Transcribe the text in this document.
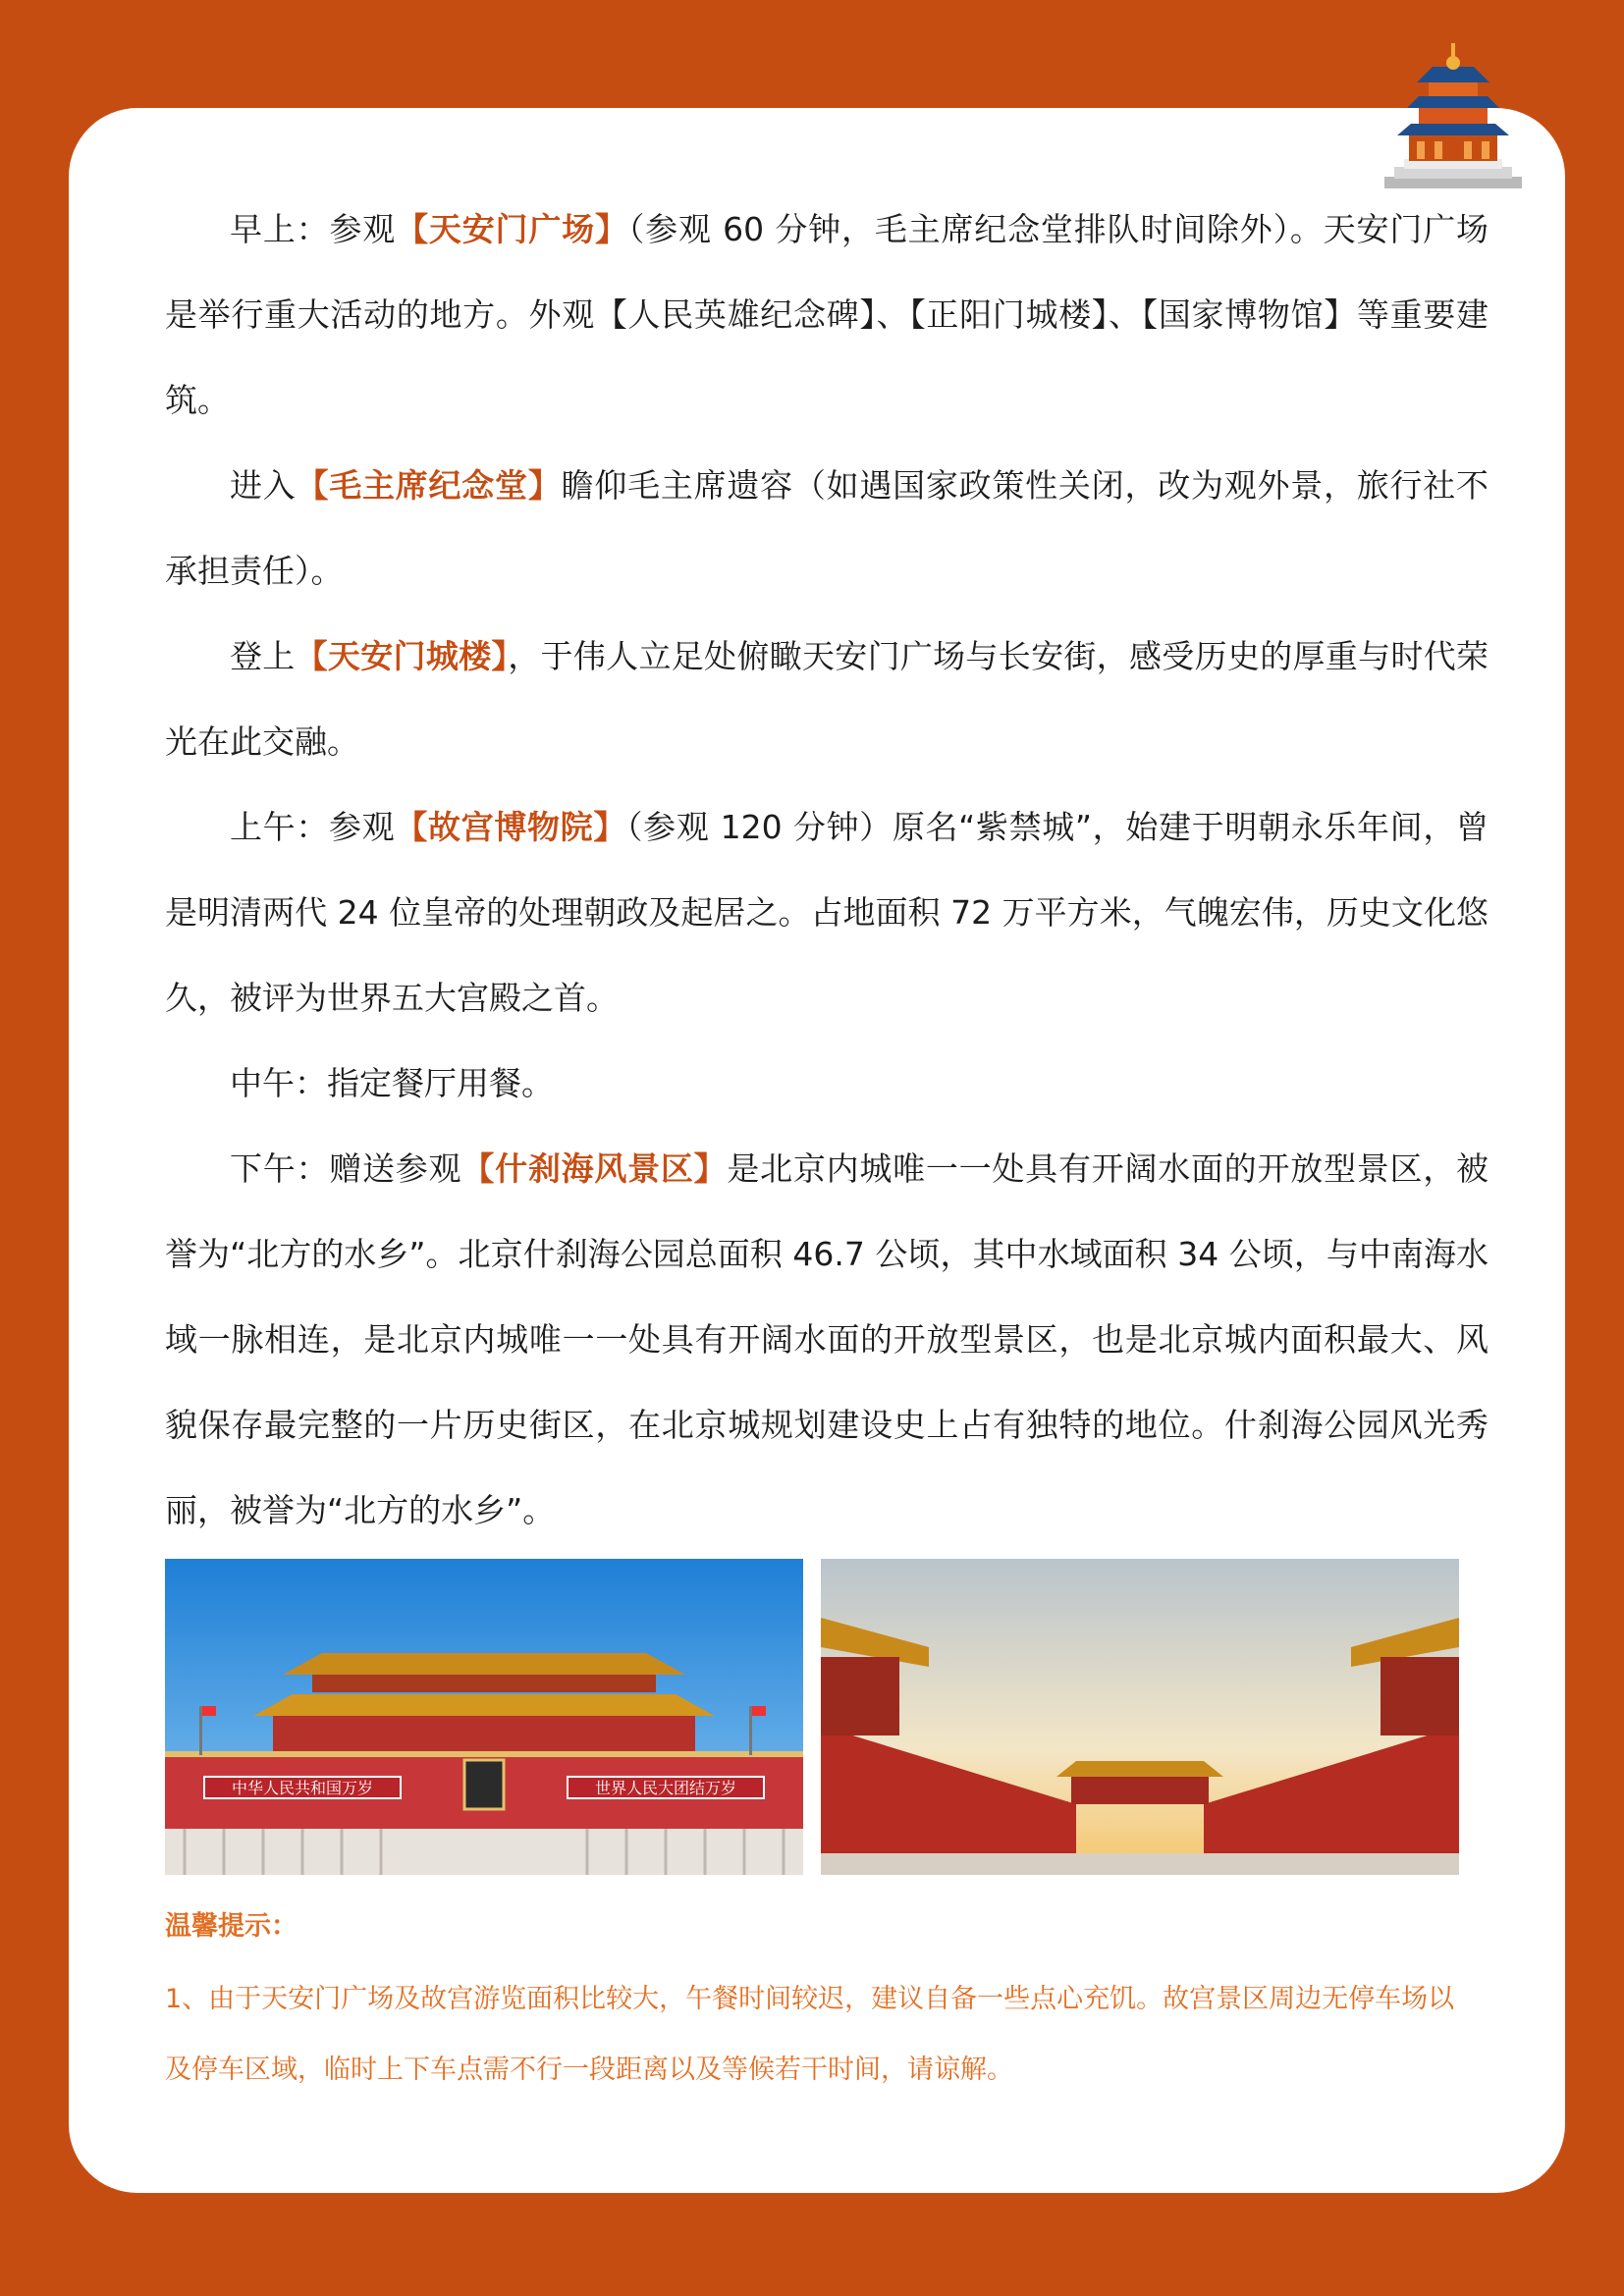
早上：参观【天安门广场】（参观 60 分钟，毛主席纪念堂排队时间除外）。天安门广场是举行重大活动的地方。外观【人民英雄纪念碑】、【正阳门城楼】、【国家博物馆】等重要建筑。

进入【毛主席纪念堂】瞻仰毛主席遗容（如遇国家政策性关闭，改为观外景，旅行社不承担责任）。

登上【天安门城楼】，于伟人立足处俯瞰天安门广场与长安街，感受历史的厚重与时代荣光在此交融。

上午：参观【故宫博物院】（参观 120 分钟）原名“紫禁城”，始建于明朝永乐年间，曾是明清两代 24 位皇帝的处理朝政及起居之。占地面积 72 万平方米，气魄宏伟，历史文化悠久，被评为世界五大宫殿之首。

中午：指定餐厅用餐。

下午：赠送参观【什刹海风景区】是北京内城唯一一处具有开阔水面的开放型景区，被誉为“北方的水乡”。北京什刹海公园总面积 46.7 公顷，其中水域面积 34 公顷，与中南海水域一脉相连，是北京内城唯一一处具有开阔水面的开放型景区，也是北京城内面积最大、风貌保存最完整的一片历史街区，在北京城规划建设史上占有独特的地位。什刹海公园风光秀丽，被誉为“北方的水乡”。

中华人民共和国万岁	世界人民大团结万岁

温馨提示：

1、由于天安门广场及故宫游览面积比较大，午餐时间较迟，建议自备一些点心充饥。故宫景区周边无停车场以及停车区域，临时上下车点需不行一段距离以及等候若干时间，请谅解。
